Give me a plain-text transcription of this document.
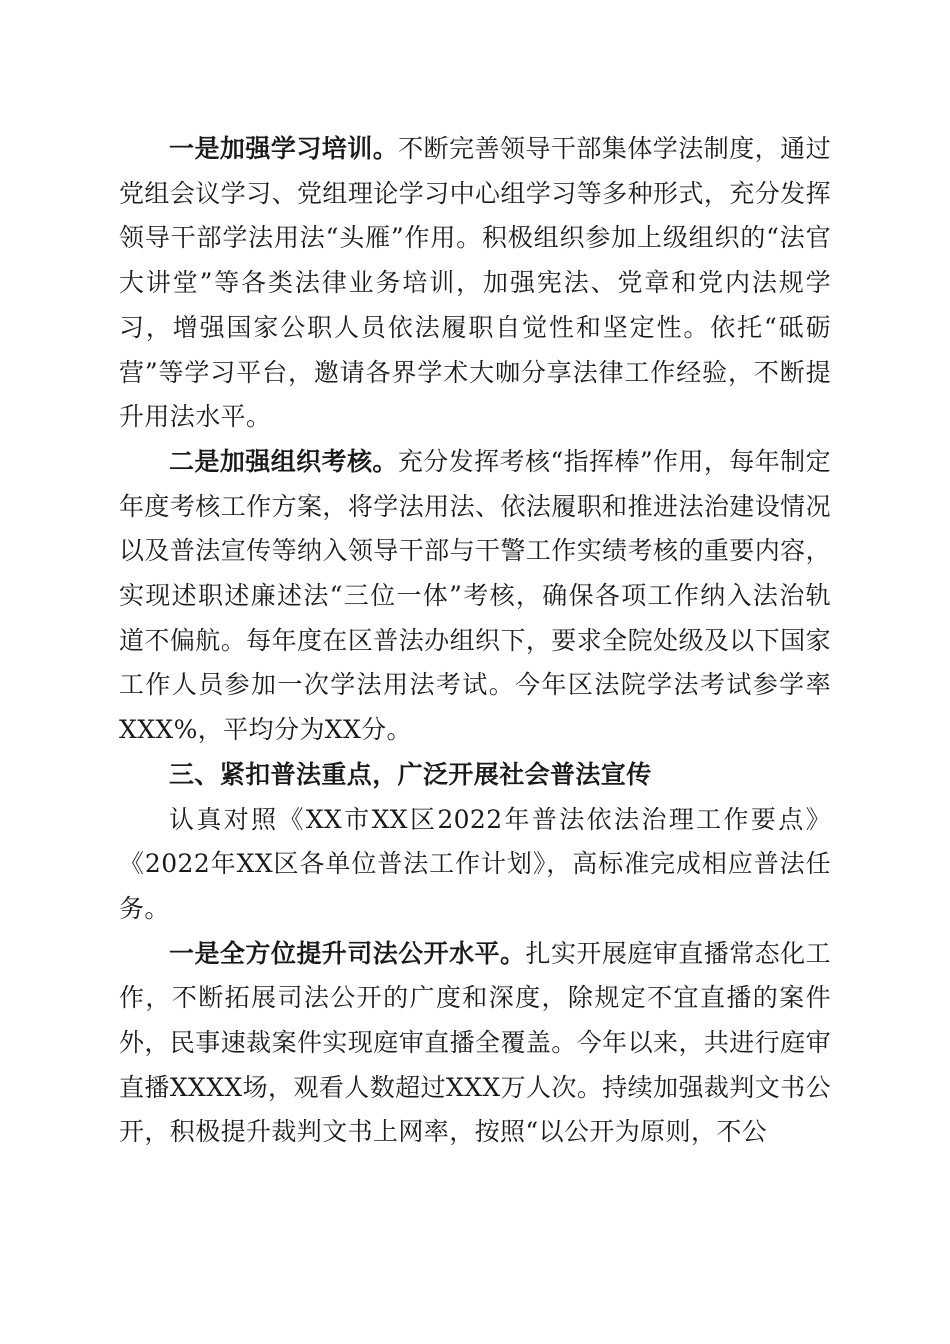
一是加强学习培训。不断完善领导干部集体学法制度，通过党组会议学习、党组理论学习中心组学习等多种形式，充分发挥领导干部学法用法“头雁”作用。积极组织参加上级组织的“法官大讲堂”等各类法律业务培训，加强宪法、党章和党内法规学习，增强国家公职人员依法履职自觉性和坚定性。依托“砥砺营”等学习平台，邀请各界学术大咖分享法律工作经验，不断提升用法水平。

二是加强组织考核。充分发挥考核“指挥棒”作用，每年制定年度考核工作方案，将学法用法、依法履职和推进法治建设情况以及普法宣传等纳入领导干部与干警工作实绩考核的重要内容，实现述职述廉述法“三位一体”考核，确保各项工作纳入法治轨道不偏航。每年度在区普法办组织下，要求全院处级及以下国家工作人员参加一次学法用法考试。今年区法院学法考试参学率XXX%，平均分为XX分。

三、紧扣普法重点，广泛开展社会普法宣传

认真对照《XX市XX区2022年普法依法治理工作要点》《2022年XX区各单位普法工作计划》，高标准完成相应普法任务。

一是全方位提升司法公开水平。扎实开展庭审直播常态化工作，不断拓展司法公开的广度和深度，除规定不宜直播的案件外，民事速裁案件实现庭审直播全覆盖。今年以来，共进行庭审直播XXXX场，观看人数超过XXX万人次。持续加强裁判文书公开，积极提升裁判文书上网率，按照“以公开为原则，不公
